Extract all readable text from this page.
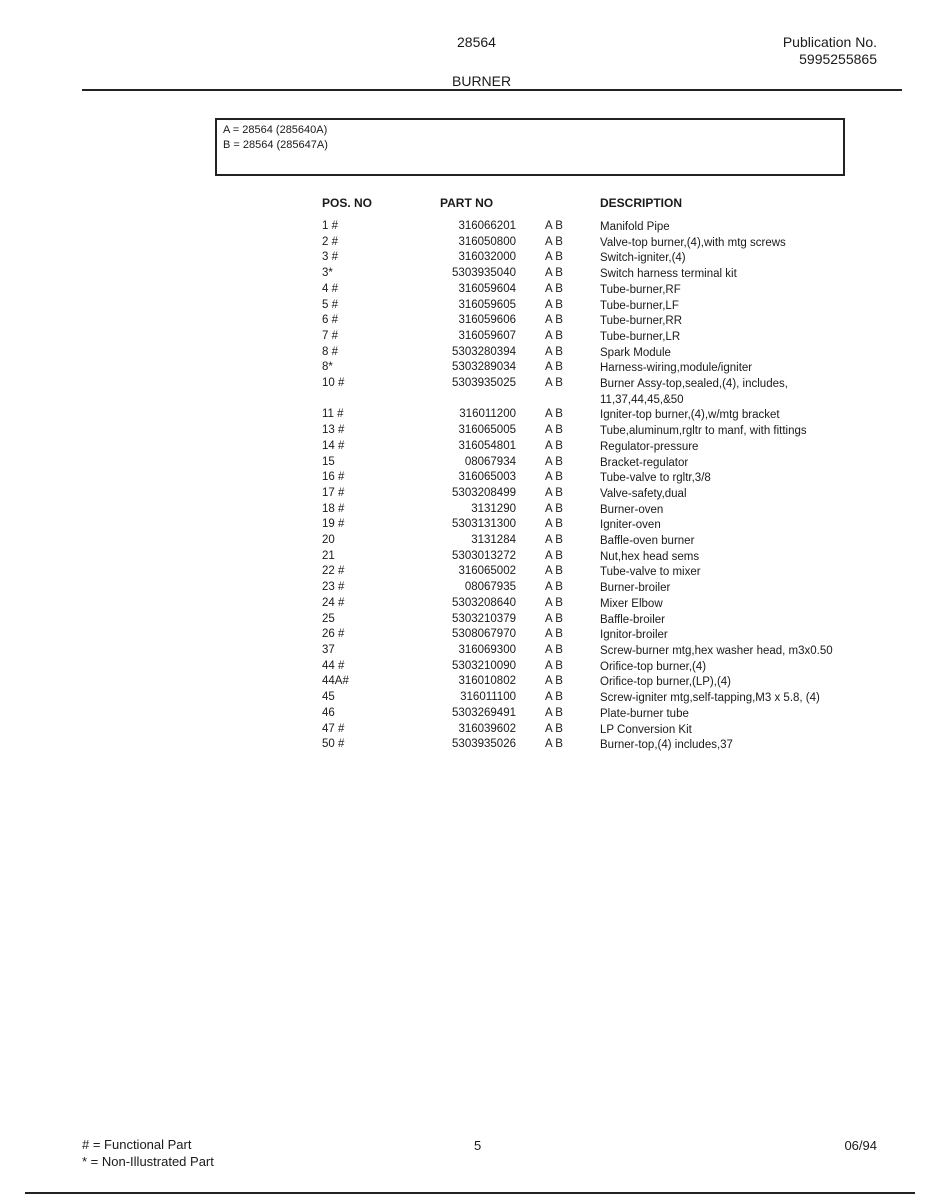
28564	Publication No.
5995255865
BURNER
A = 28564 (285640A)
B = 28564 (285647A)
POS. NO	PART NO	DESCRIPTION
1 #	316066201	A B	Manifold Pipe
2 #	316050800	A B	Valve-top burner,(4),with mtg screws
3 #	316032000	A B	Switch-igniter,(4)
3*	5303935040	A B	Switch harness terminal kit
4 #	316059604	A B	Tube-burner,RF
5 #	316059605	A B	Tube-burner,LF
6 #	316059606	A B	Tube-burner,RR
7 #	316059607	A B	Tube-burner,LR
8 #	5303280394	A B	Spark Module
8*	5303289034	A B	Harness-wiring,module/igniter
10 #	5303935025	A B	Burner Assy-top,sealed,(4), includes, 11,37,44,45,&50
11 #	316011200	A B	Igniter-top burner,(4),w/mtg bracket
13 #	316065005	A B	Tube,aluminum,rgltr to manf, with fittings
14 #	316054801	A B	Regulator-pressure
15	08067934	A B	Bracket-regulator
16 #	316065003	A B	Tube-valve to rgltr,3/8
17 #	5303208499	A B	Valve-safety,dual
18 #	3131290	A B	Burner-oven
19 #	5303131300	A B	Igniter-oven
20	3131284	A B	Baffle-oven burner
21	5303013272	A B	Nut,hex head sems
22 #	316065002	A B	Tube-valve to mixer
23 #	08067935	A B	Burner-broiler
24 #	5303208640	A B	Mixer Elbow
25	5303210379	A B	Baffle-broiler
26 #	5308067970	A B	Ignitor-broiler
37	316069300	A B	Screw-burner mtg,hex washer head, m3x0.50
44 #	5303210090	A B	Orifice-top burner,(4)
44A#	316010802	A B	Orifice-top burner,(LP),(4)
45	316011100	A B	Screw-igniter mtg,self-tapping,M3 x 5.8, (4)
46	5303269491	A B	Plate-burner tube
47 #	316039602	A B	LP Conversion Kit
50 #	5303935026	A B	Burner-top,(4) includes,37
# = Functional Part
* = Non-Illustrated Part
5	06/94
